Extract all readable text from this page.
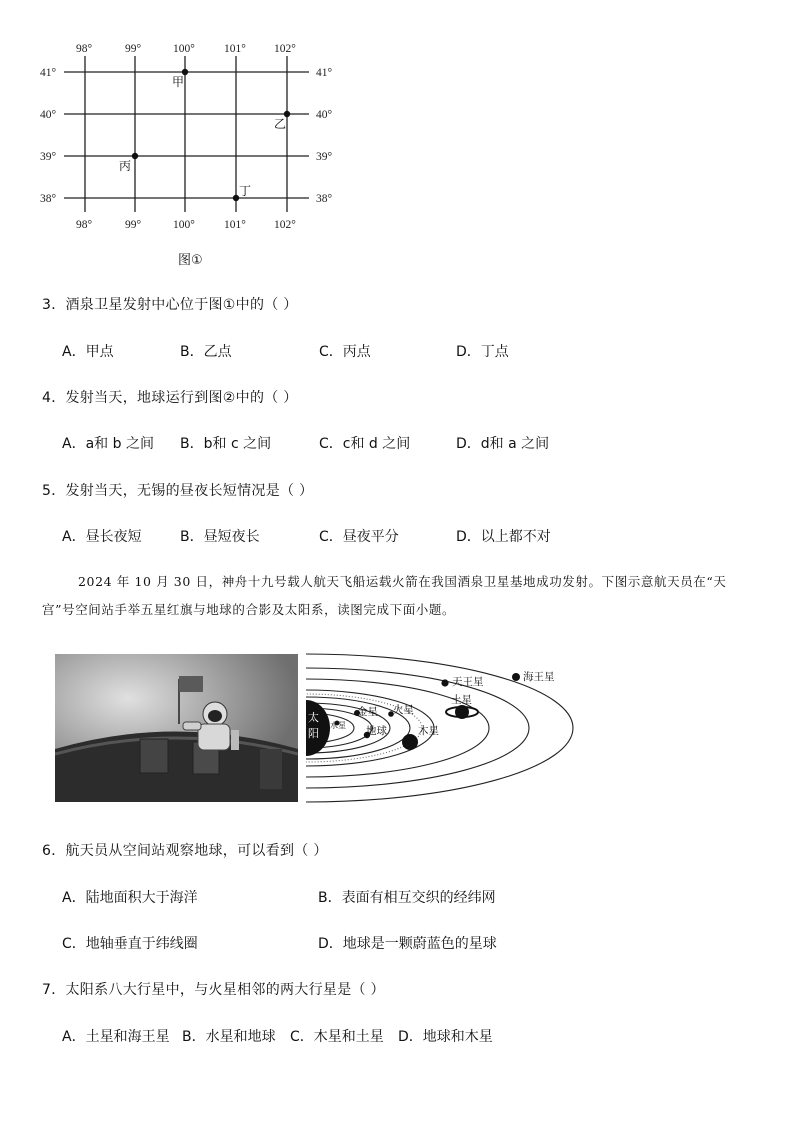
98°	99°	100°	101° 102°
98°	99°	100°	101° 102°
41°
40°
39°
38°
41°
40°
39°
38°
甲
乙
丙
丁
图①
3．酒泉卫星发射中心位于图①中的（ ）
A．甲点	B．乙点	C．丙点	D．丁点
4．发射当天，地球运行到图②中的（ ）
A．a和 b 之间 B．b和 c 之间	C．c和 d 之间	D．d和 a 之间
5．发射当天，无锡的昼夜长短情况是（ ）
A．昼长夜短	B．昼短夜长	C．昼夜平分	D．以上都不对
2024 年 10 月 30 日，神舟十九号载人航天飞船运载火箭在我国酒泉卫星基地成功发射。下图示意航天员在“天
宫”号空间站手举五星红旗与地球的合影及太阳系，读图完成下面小题。
太
阳
水星
金星
地球
火星
木星
土星
天王星	海王星
6．航天员从空间站观察地球，可以看到（ ）
A．陆地面积大于海洋	B．表面有相互交织的经纬网
C．地轴垂直于纬线圈	D．地球是一颗蔚蓝色的星球
7．太阳系八大行星中，与火星相邻的两大行星是（ ）
A．土星和海王星 B．水星和地球 C．木星和土星 D．地球和木星
